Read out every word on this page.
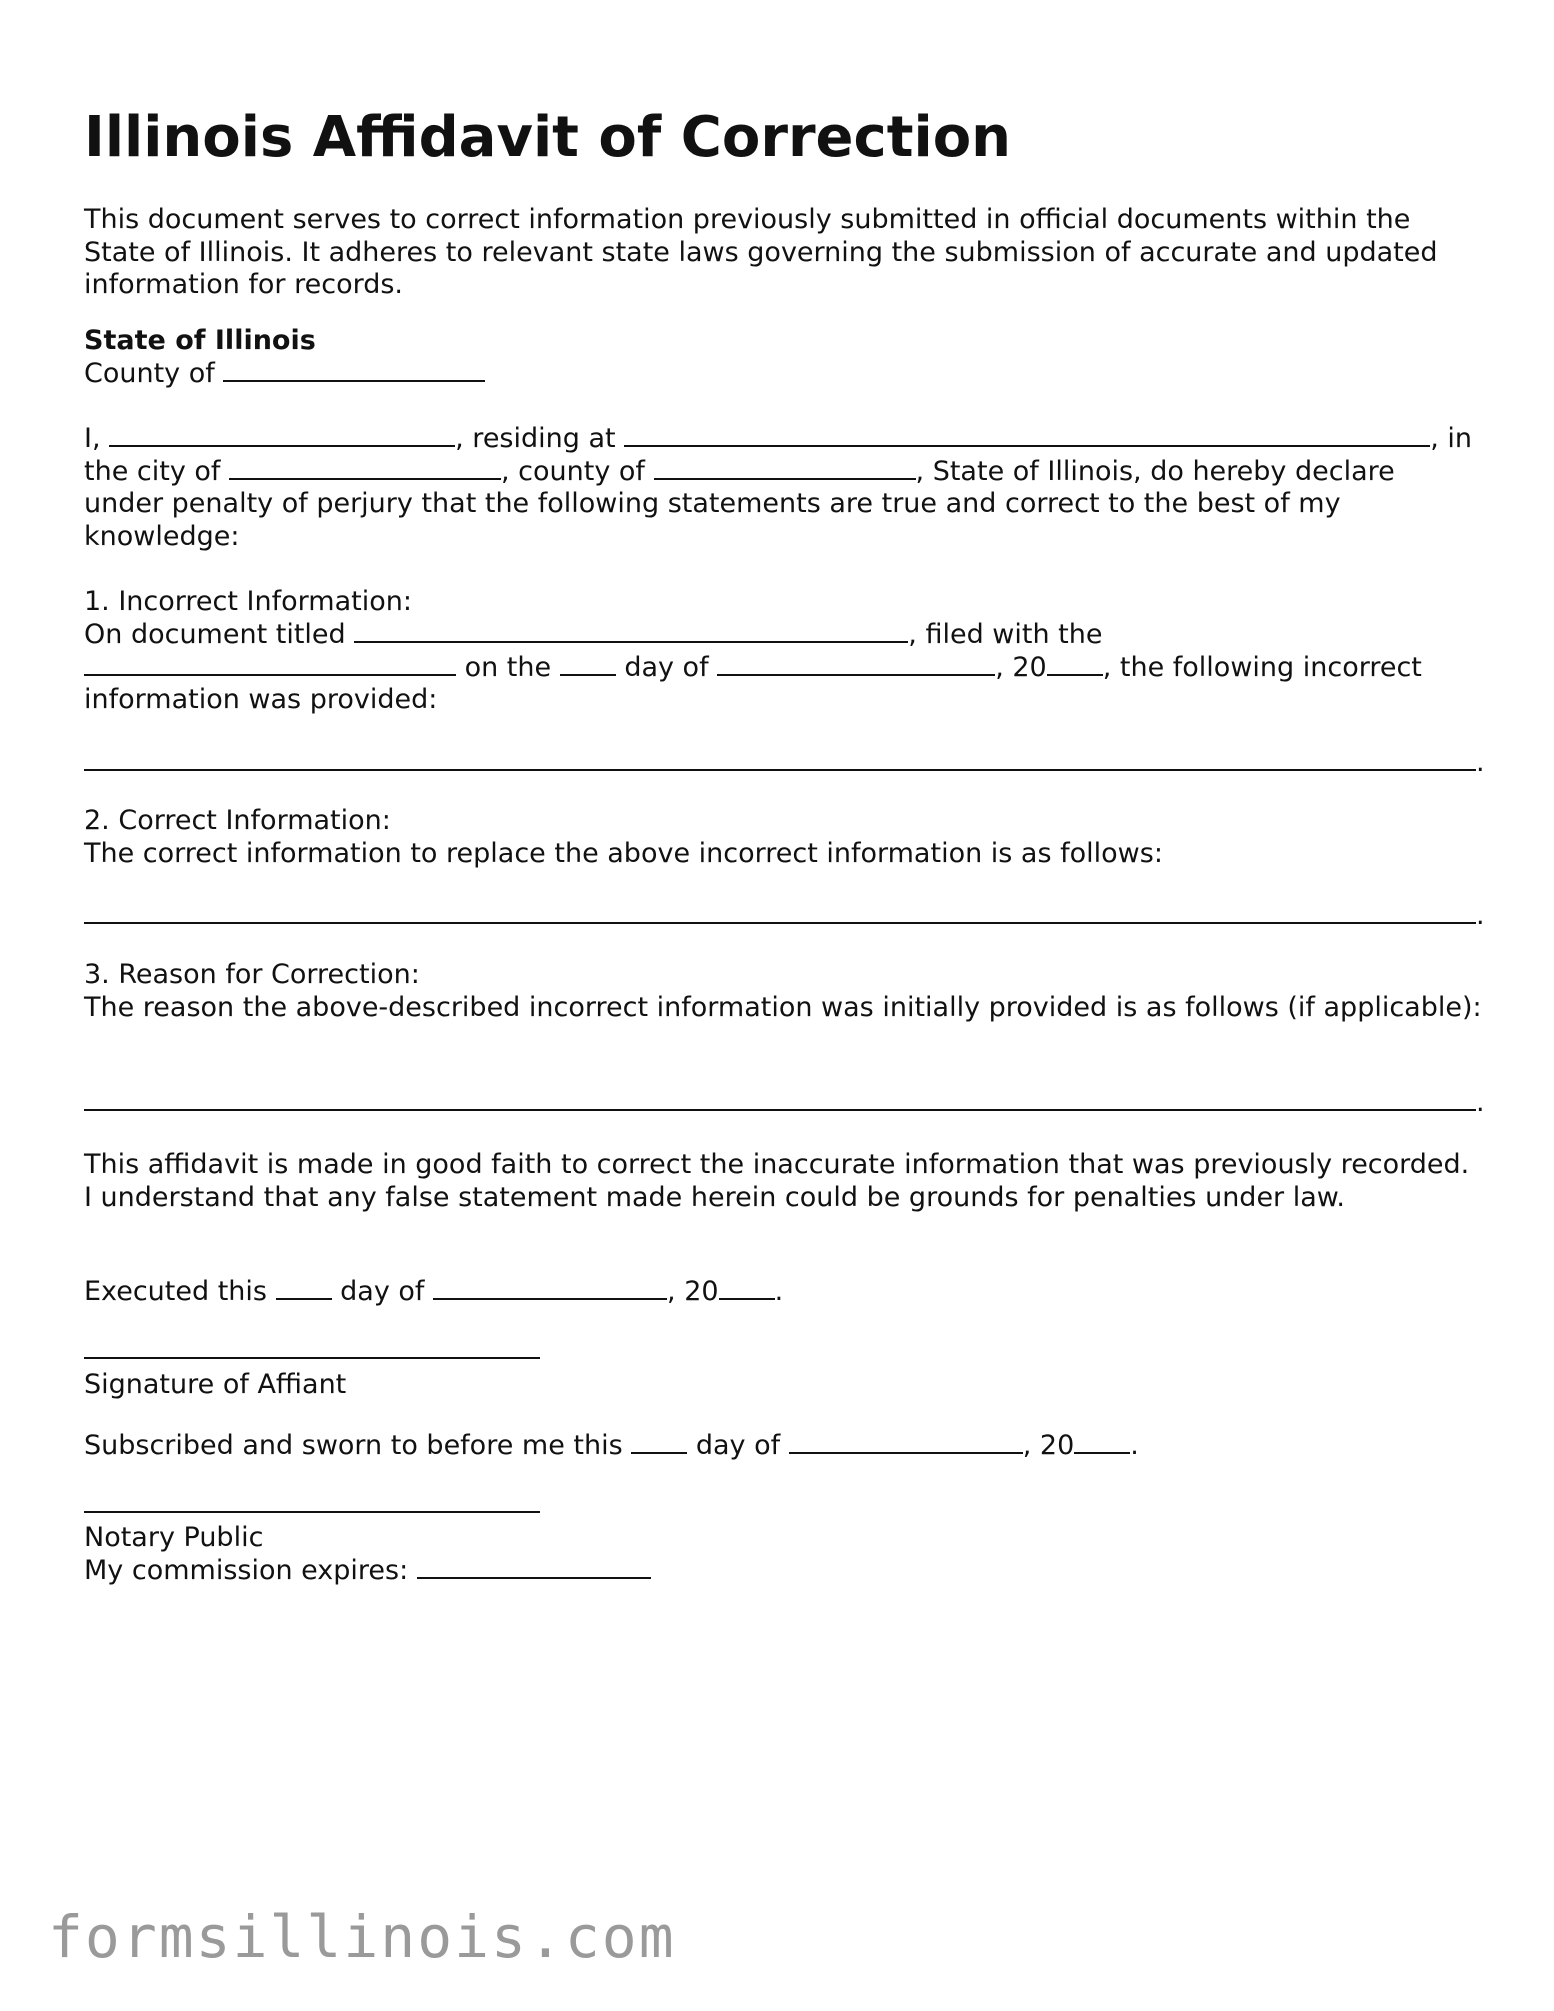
Illinois Affidavit of Correction

This document serves to correct information previously submitted in official documents within the State of Illinois. It adheres to relevant state laws governing the submission of accurate and updated information for records.

State of Illinois

County of

I,	, residing at	, in

the city of	, county of	, State of Illinois, do hereby declare

under penalty of perjury that the following statements are true and correct to the best of my knowledge:

1. Incorrect Information:

On document titled	, filed with the

on the	day of	, 20 , the following incorrect

information was provided:

.

2. Correct Information:

The correct information to replace the above incorrect information is as follows:

.

3. Reason for Correction:

The reason the above-described incorrect information was initially provided is as follows (if applicable):

.

This affidavit is made in good faith to correct the inaccurate information that was previously recorded. I understand that any false statement made herein could be grounds for penalties under law.

Executed this	day of	, 20 .

Signature of Affiant

Subscribed and sworn to before me this	day of	, 20 .

Notary Public

My commission expires:

formsillinois.com
